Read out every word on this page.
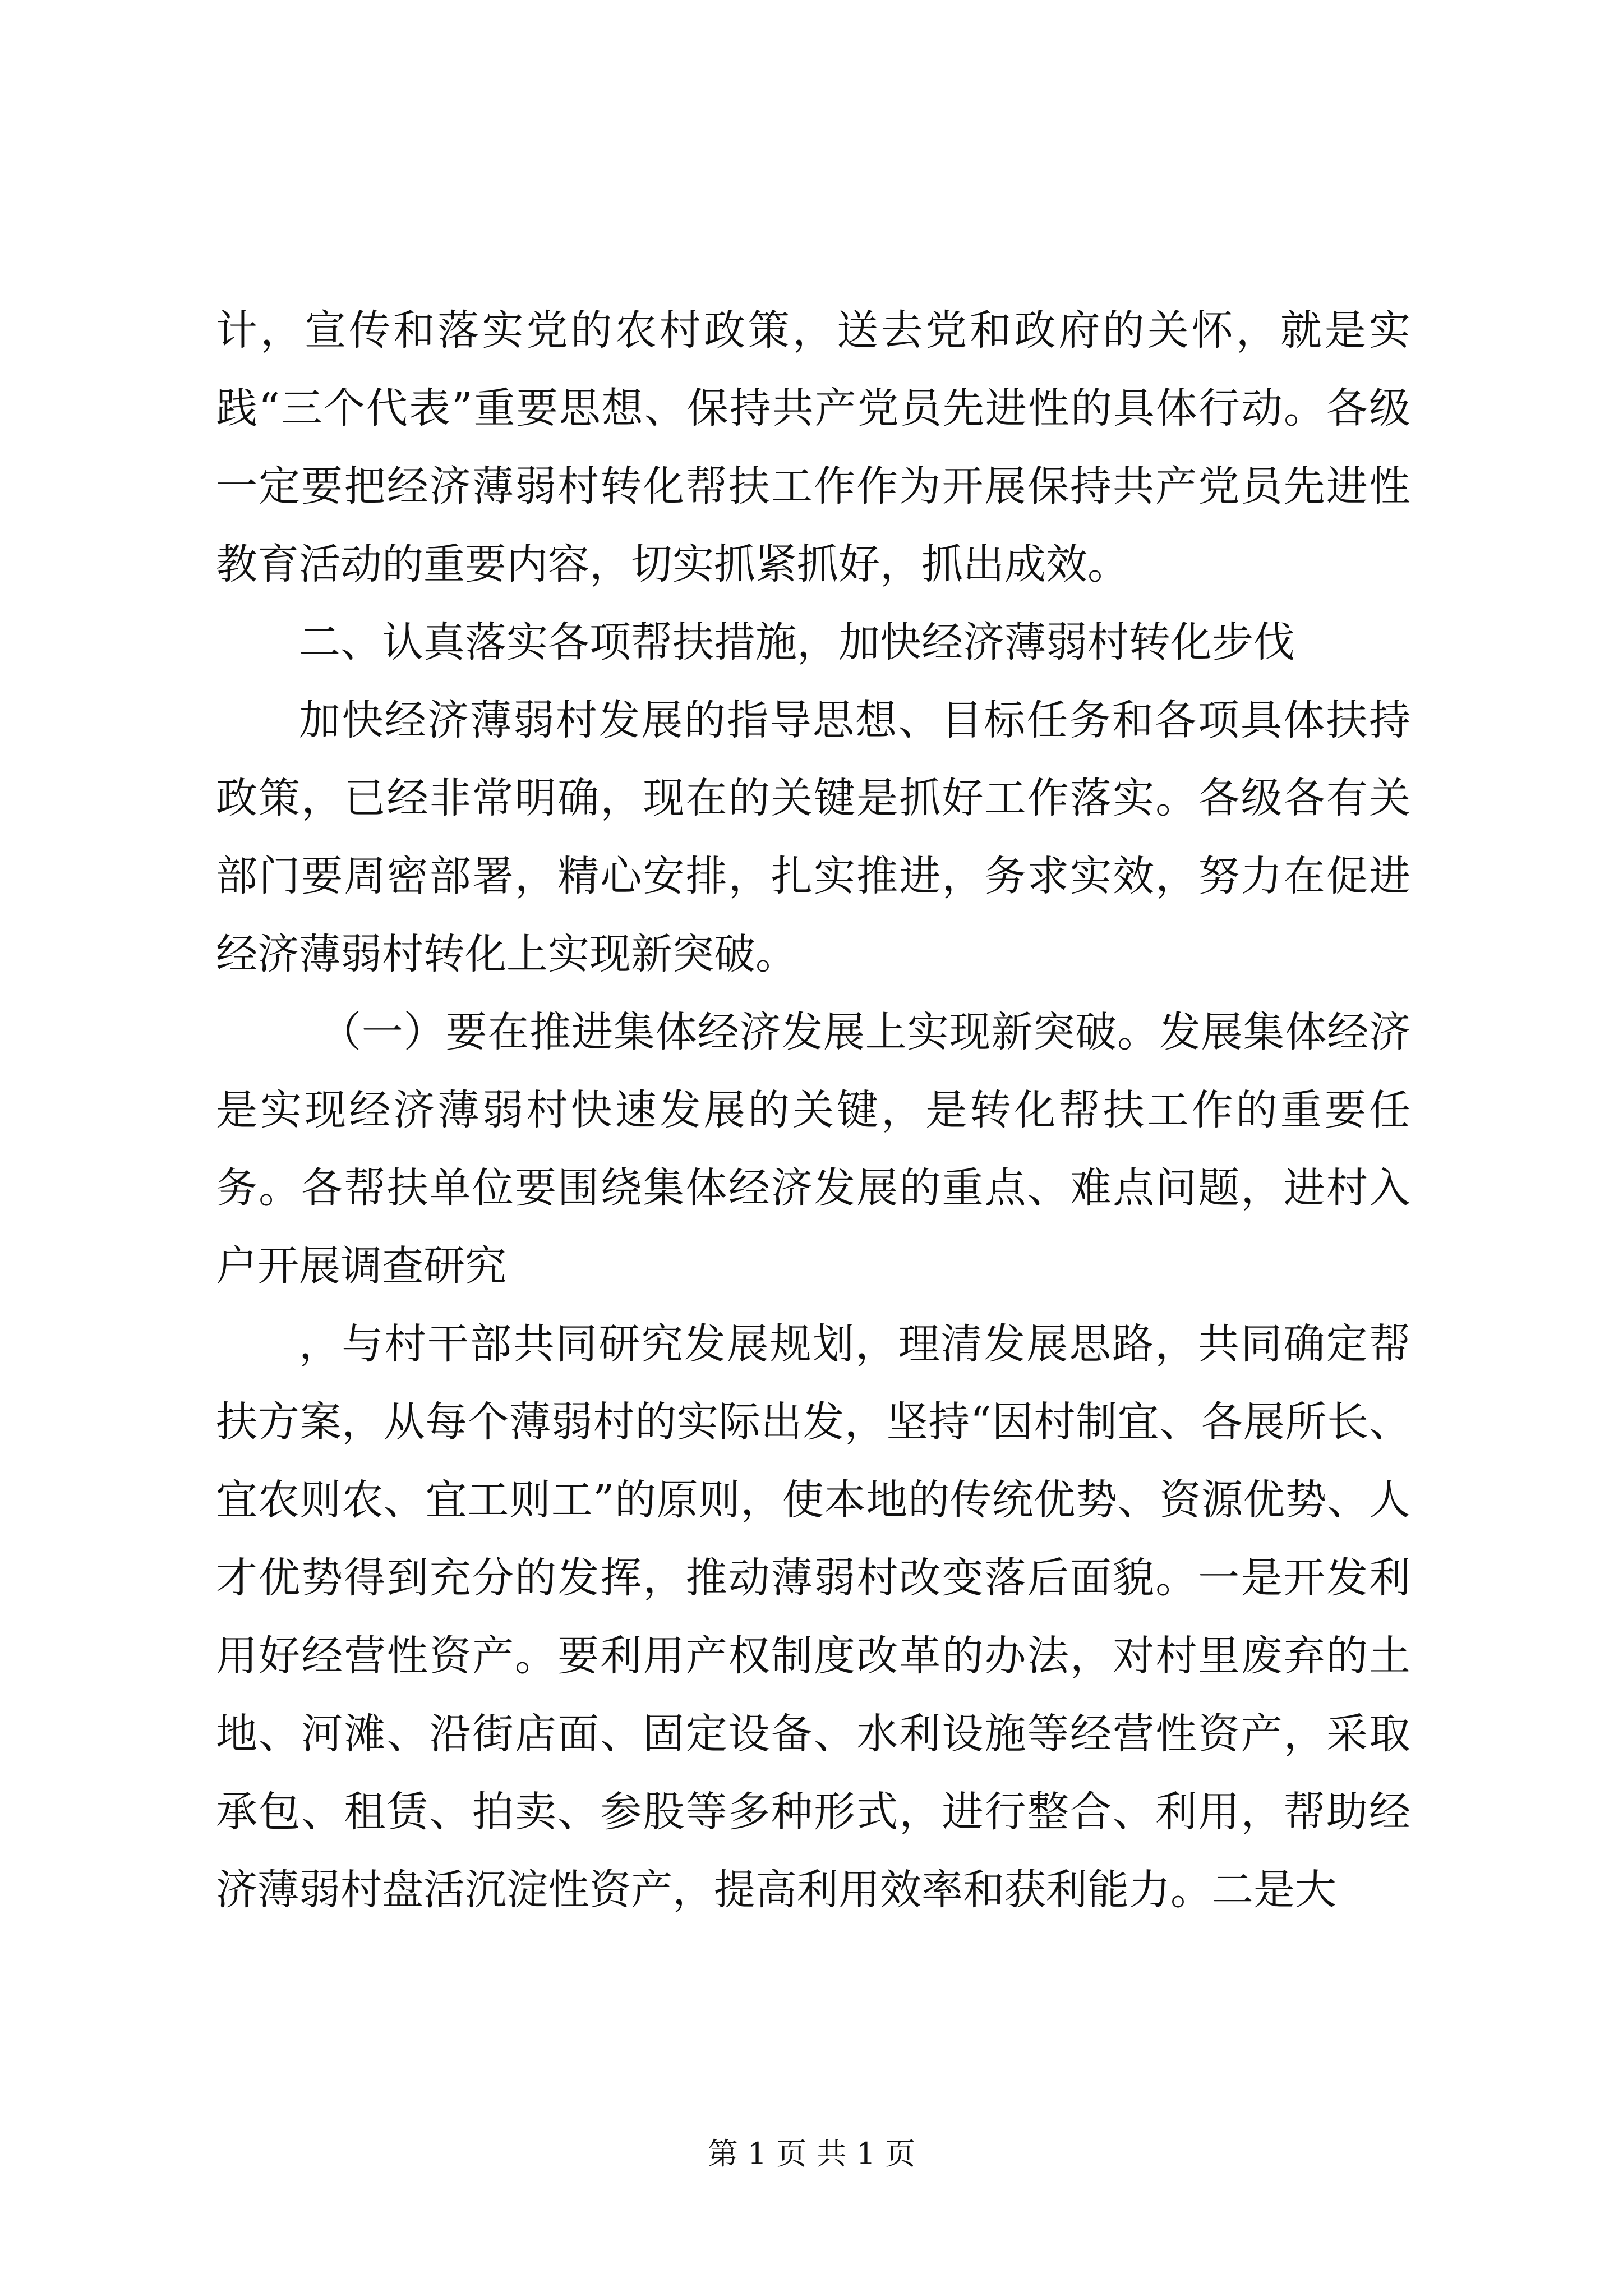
计，宣传和落实党的农村政策，送去党和政府的关怀，就是实践“三个代表”重要思想、保持共产党员先进性的具体行动。各级一定要把经济薄弱村转化帮扶工作作为开展保持共产党员先进性教育活动的重要内容，切实抓紧抓好，抓出成效。

二、认真落实各项帮扶措施，加快经济薄弱村转化步伐

加快经济薄弱村发展的指导思想、目标任务和各项具体扶持政策，已经非常明确，现在的关键是抓好工作落实。各级各有关部门要周密部署，精心安排，扎实推进，务求实效，努力在促进经济薄弱村转化上实现新突破。

（一）要在推进集体经济发展上实现新突破。发展集体经济是实现经济薄弱村快速发展的关键，是转化帮扶工作的重要任务。各帮扶单位要围绕集体经济发展的重点、难点问题，进村入户开展调查研究

，与村干部共同研究发展规划，理清发展思路，共同确定帮扶方案，从每个薄弱村的实际出发，坚持“因村制宜、各展所长、宜农则农、宜工则工”的原则，使本地的传统优势、资源优势、人才优势得到充分的发挥，推动薄弱村改变落后面貌。一是开发利用好经营性资产。要利用产权制度改革的办法，对村里废弃的土地、河滩、沿街店面、固定设备、水利设施等经营性资产，采取承包、租赁、拍卖、参股等多种形式，进行整合、利用，帮助经济薄弱村盘活沉淀性资产，提高利用效率和获利能力。二是大

第 1 页 共 1 页
